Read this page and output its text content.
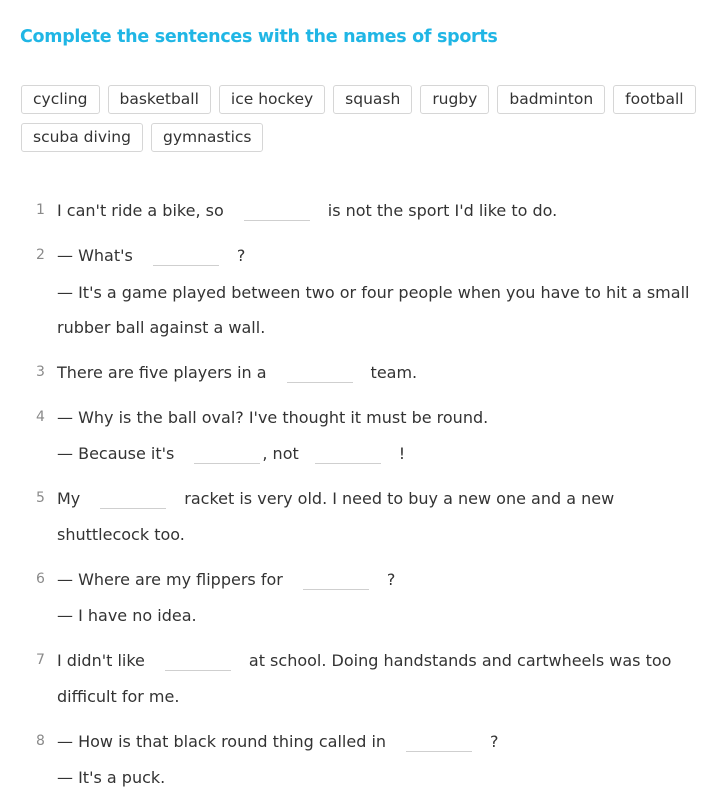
Complete the sentences with the names of sports
cycling	basketball	ice hockey	squash	rugby	badminton	football
scuba diving	gymnastics
1 I can't ride a bike, so	is not the sport I'd like to do.
2 — What's	?
— It's a game played between two or four people when you have to hit a small
rubber ball against a wall.
3 There are five players in a	team.
4 — Why is the ball oval? I've thought it must be round.
— Because it's	, not	!
5 My	racket is very old. I need to buy a new one and a new
shuttlecock too.
6 — Where are my flippers for	?
— I have no idea.
7 I didn't like	at school. Doing handstands and cartwheels was too
difficult for me.
8 — How is that black round thing called in	?
— It's a puck.
